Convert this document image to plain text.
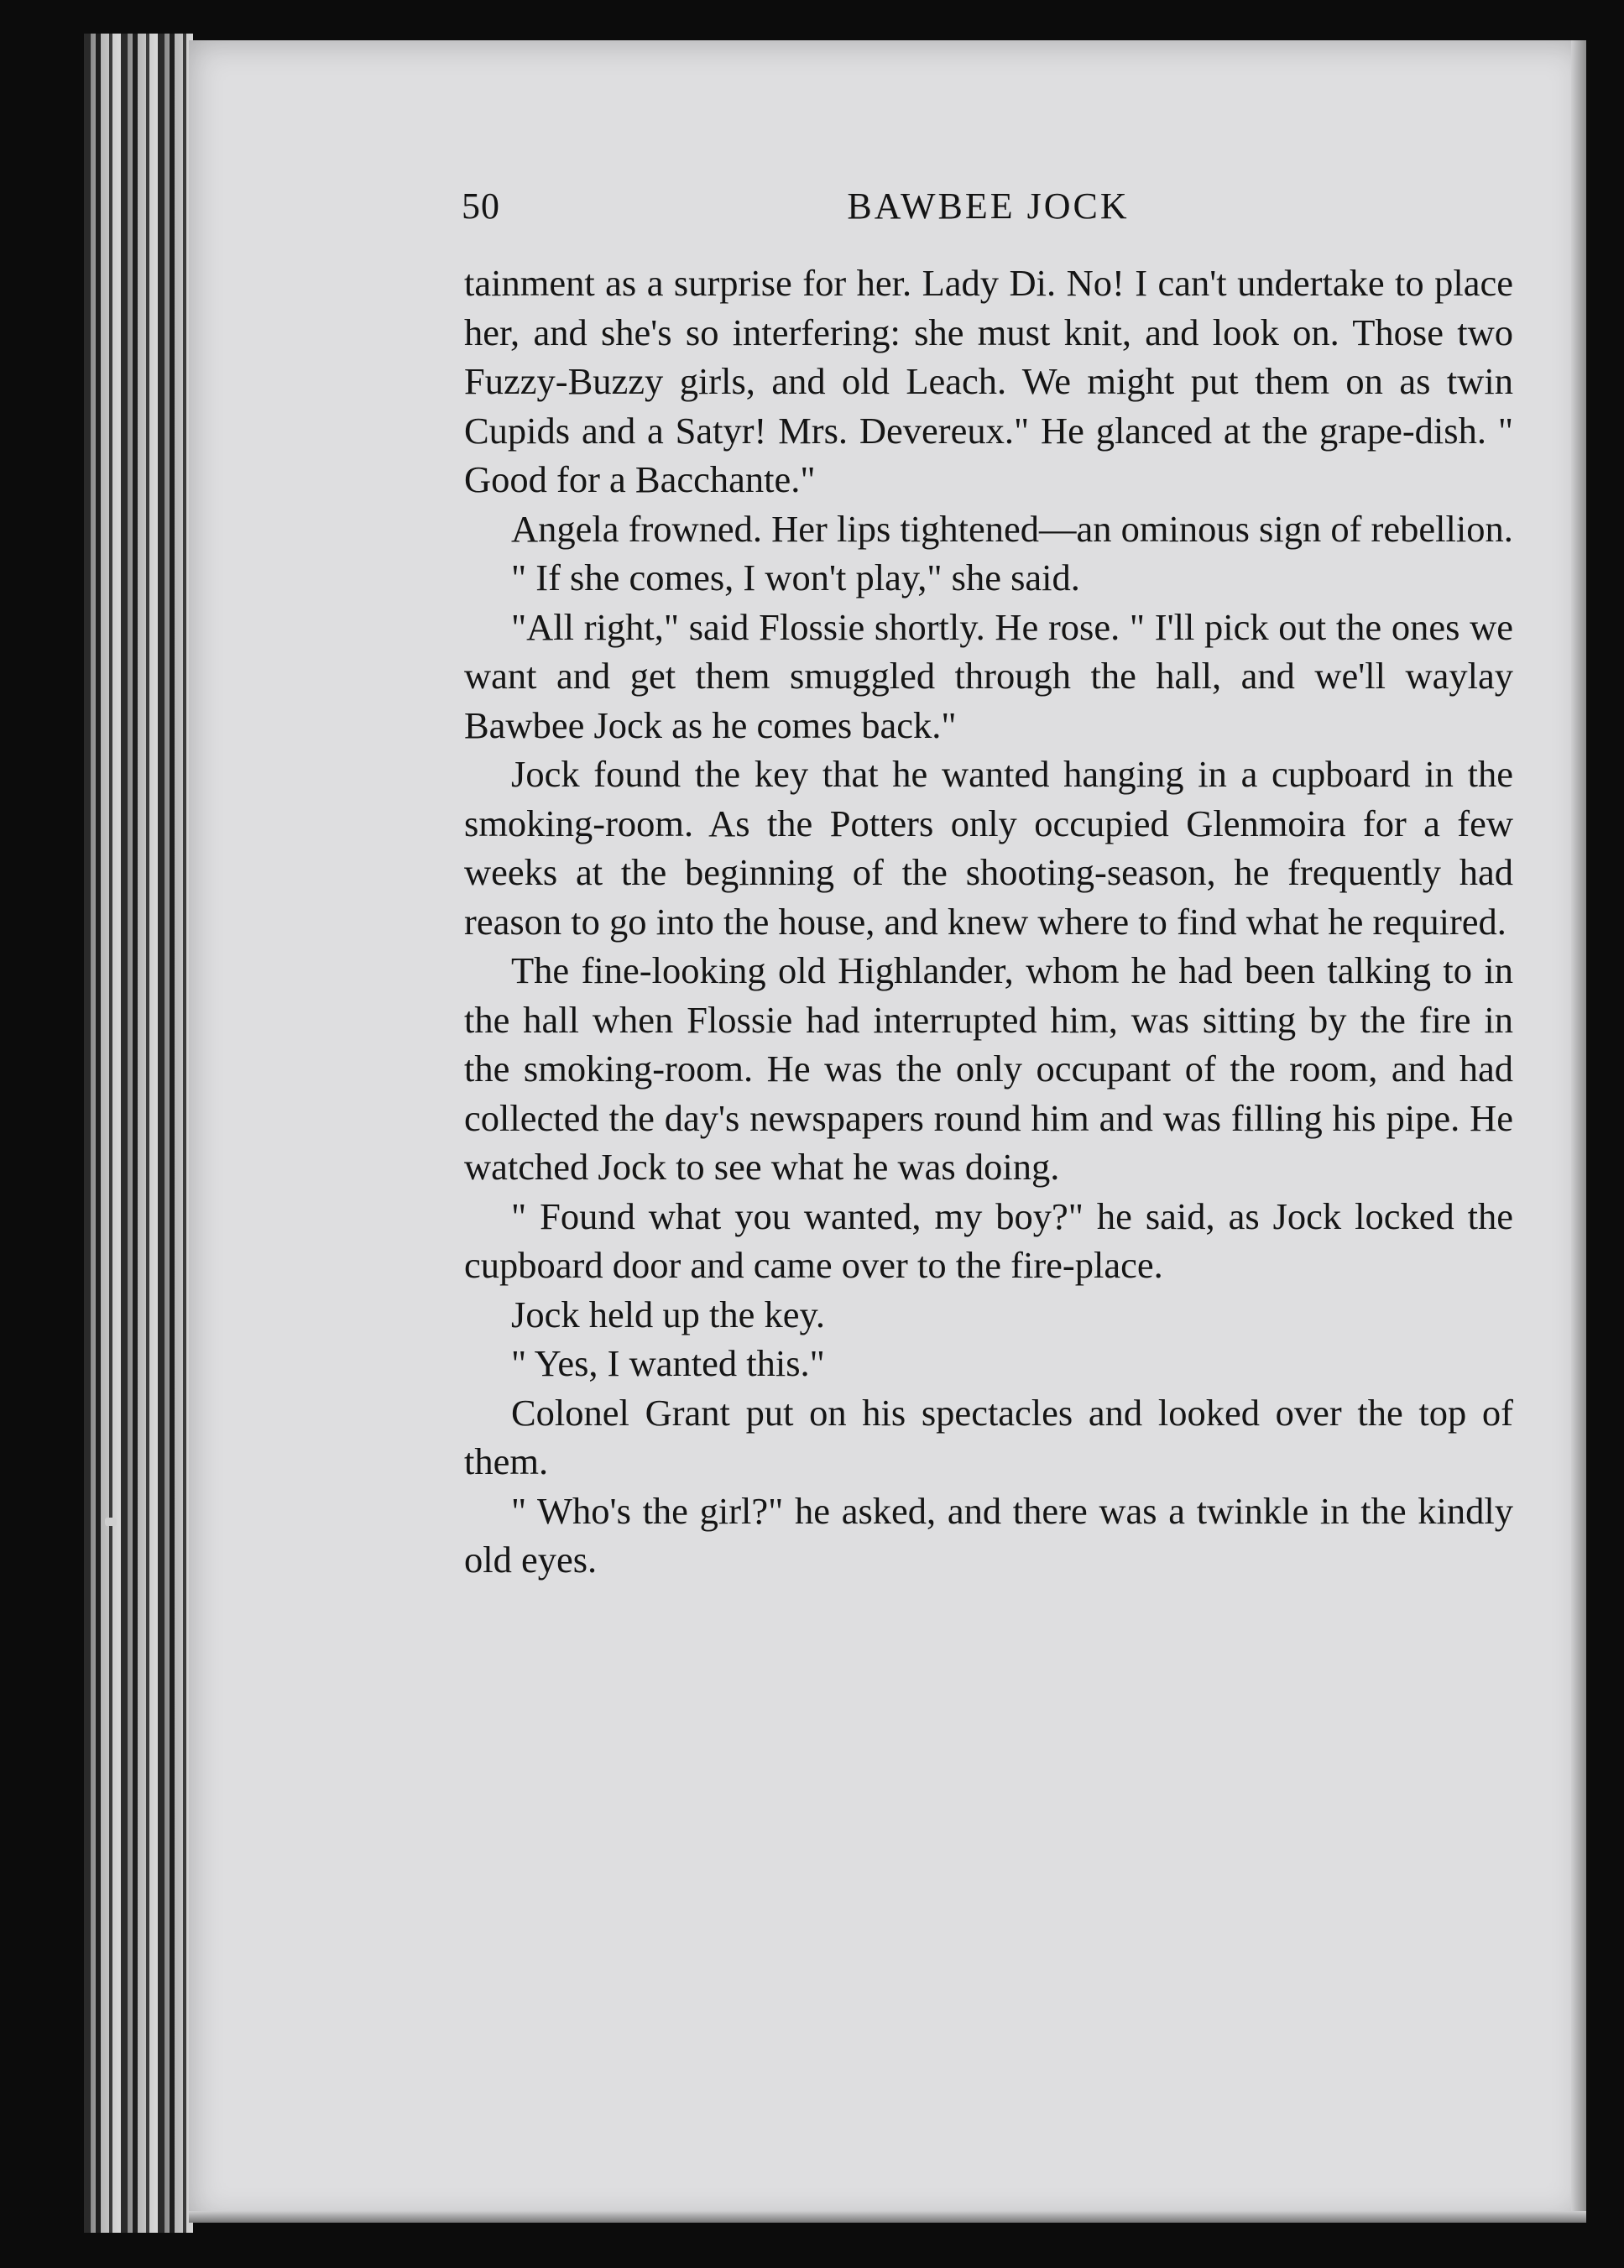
50	BAWBEE JOCK

tainment as a surprise for her. Lady Di. No! I can't undertake to place her, and she's so interfering: she must knit, and look on. Those two Fuzzy-Buzzy girls, and old Leach. We might put them on as twin Cupids and a Satyr! Mrs. Devereux." He glanced at the grape-dish. " Good for a Bacchante."

Angela frowned. Her lips tightened—an ominous sign of rebellion.

" If she comes, I won't play," she said.

"All right," said Flossie shortly. He rose. " I'll pick out the ones we want and get them smuggled through the hall, and we'll waylay Bawbee Jock as he comes back."

Jock found the key that he wanted hanging in a cupboard in the smoking-room. As the Potters only occupied Glenmoira for a few weeks at the beginning of the shooting-season, he frequently had reason to go into the house, and knew where to find what he required.

The fine-looking old Highlander, whom he had been talking to in the hall when Flossie had interrupted him, was sitting by the fire in the smoking-room. He was the only occupant of the room, and had collected the day's newspapers round him and was filling his pipe. He watched Jock to see what he was doing.

" Found what you wanted, my boy?" he said, as Jock locked the cupboard door and came over to the fire-place.

Jock held up the key.

" Yes, I wanted this."

Colonel Grant put on his spectacles and looked over the top of them.

" Who's the girl?" he asked, and there was a twinkle in the kindly old eyes.
